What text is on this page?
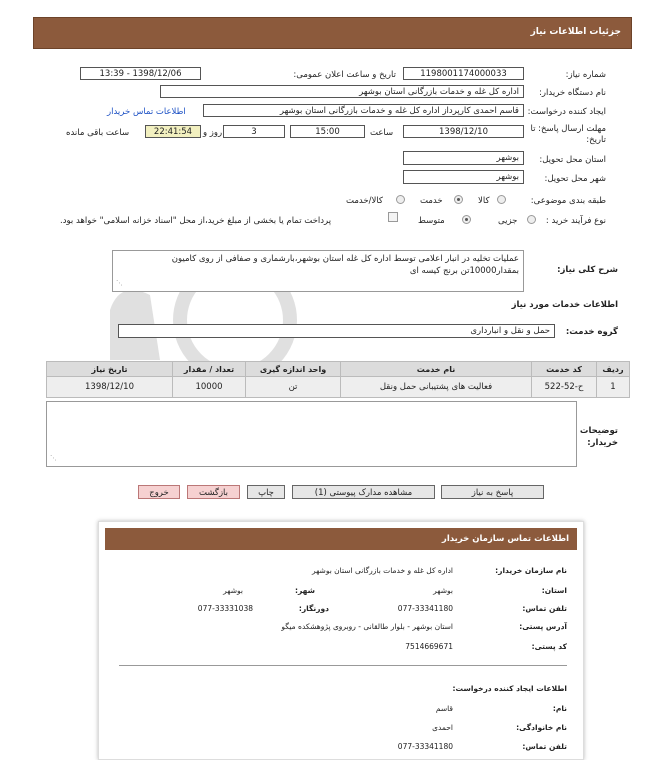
جزئیات اطلاعات نیاز
شماره نیاز:
1198001174000033
تاریخ و ساعت اعلان عمومی:
1398/12/06 - 13:39
نام دستگاه خریدار:
اداره کل غله و خدمات بازرگانی استان بوشهر
ایجاد کننده درخواست:
قاسم احمدی کارپرداز اداره کل غله و خدمات بازرگانی استان بوشهر
اطلاعات تماس خریدار
مهلت ارسال پاسخ: تا تاریخ:
1398/12/10
ساعت
15:00
3
روز و
22:41:54
ساعت باقی مانده
استان محل تحویل:
بوشهر
شهر محل تحویل:
بوشهر
طبقه بندی موضوعی:
کالا
خدمت
کالا/خدمت
نوع فرآیند خرید :
جزیی
متوسط
پرداخت تمام یا بخشی از مبلغ خرید،از محل "اسناد خزانه اسلامی" خواهد بود.
شرح کلی نیاز:
عملیات تخلیه در انبار اعلامی توسط اداره کل غله استان بوشهر،بارشماری و صفافی از روی کامیون بمقدار10000تن برنج کیسه ای
⋰
اطلاعات خدمات مورد نیاز
گروه خدمت:
حمل و نقل و انبارداری
ردیف	کد خدمت	نام خدمت	واحد اندازه گیری	تعداد / مقدار	تاریخ نیاز
1	ح-52-522	فعالیت های پشتیبانی حمل ونقل	تن	10000	1398/12/10
توضیحات خریدار:
⋰
پاسخ به نیاز
مشاهده مدارک پیوستی (1)
چاپ
بازگشت
خروج
اطلاعات تماس سازمان خریدار
نام سازمان خریدار:
اداره کل غله و خدمات بازرگانی استان بوشهر
استان:
بوشهر
شهر:
بوشهر
تلفن تماس:
077-33341180
دورنگار:
077-33331038
آدرس پستی:
استان بوشهر - بلوار طالقانی - روبروی پژوهشکده میگو
کد پستی:
7514669671
اطلاعات ایجاد کننده درخواست:
نام:
قاسم
نام خانوادگی:
احمدی
تلفن تماس:
077-33341180
